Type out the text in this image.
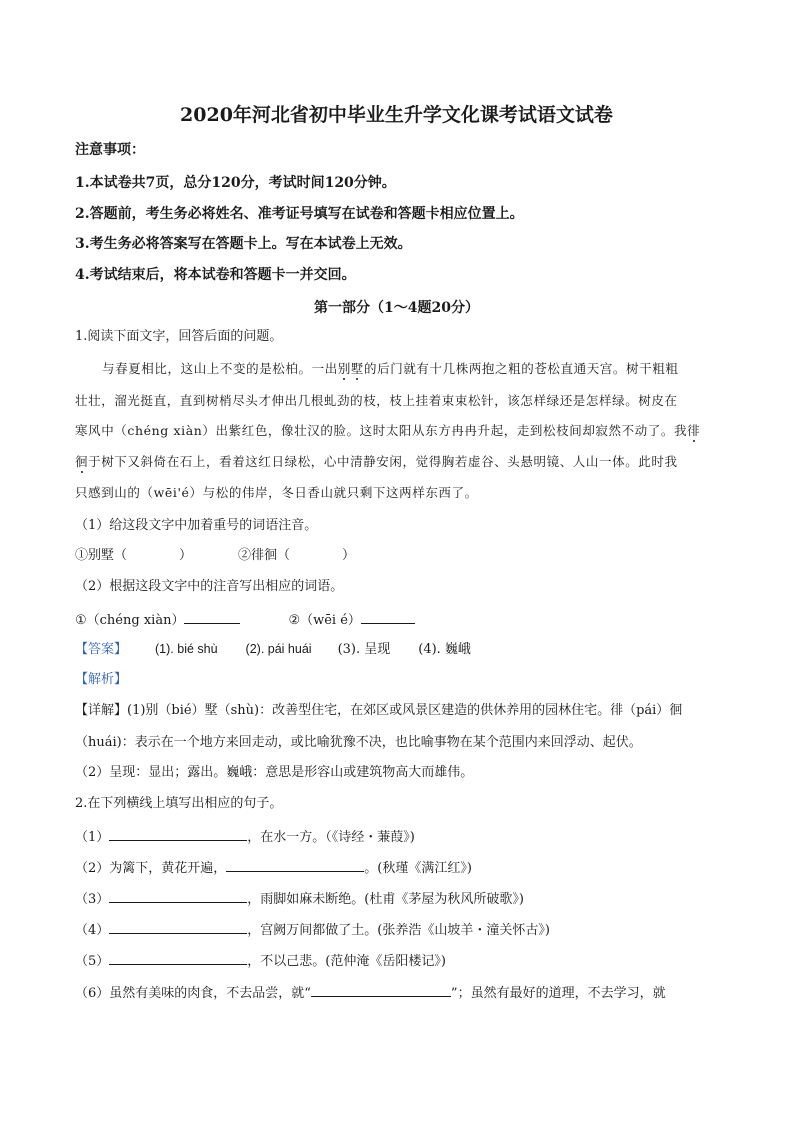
2020年河北省初中毕业生升学文化课考试语文试卷
注意事项：
1.本试卷共7页，总分120分，考试时间120分钟。
2.答题前，考生务必将姓名、准考证号填写在试卷和答题卡相应位置上。
3.考生务必将答案写在答题卡上。写在本试卷上无效。
4.考试结束后，将本试卷和答题卡一并交回。
第一部分（1～4题20分）
1.阅读下面文字，回答后面的问题。
与春夏相比，这山上不变的是松柏。一出别墅的后门就有十几株两抱之粗的苍松直通天宫。树干粗粗
壮壮，溜光挺直，直到树梢尽头才伸出几根虬劲的枝，枝上挂着束束松针，该怎样绿还是怎样绿。树皮在
寒风中（chéng xiàn）出紫红色，像壮汉的脸。这时太阳从东方冉冉升起，走到松枝间却寂然不动了。我徘
徊于树下又斜倚在石上，看着这红日绿松，心中清静安闲，觉得胸若虚谷、头悬明镜、人山一体。此时我
只感到山的（wēi'é）与松的伟岸，冬日香山就只剩下这两样东西了。
（1）给这段文字中加着重号的词语注音。
①别墅（	）	②徘徊（	）
（2）根据这段文字中的注音写出相应的词语。
①（chéng xiàn）	②（wēi é）
【答案】 (1). bié shù (2). pái huái (3). 呈现 (4). 巍峨
【解析】
【详解】(1)别（bié）墅（shù)：改善型住宅，在郊区或风景区建造的供休养用的园林住宅。徘（pái）徊
（huái)：表示在一个地方来回走动，或比喻犹豫不决，也比喻事物在某个范围内来回浮动、起伏。
（2）呈现：显出；露出。巍峨：意思是形容山或建筑物高大而雄伟。
2.在下列横线上填写出相应的句子。
（1）	，在水一方。（《诗经・蒹葭》)
（2）为篱下，黄花开遍，	。(秋瑾《满江红》)
（3）	，雨脚如麻未断绝。(杜甫《茅屋为秋风所破歌》)
（4）	，宫阙万间都做了土。(张养浩《山坡羊・潼关怀古》)
（5）	，不以己悲。(范仲淹《岳阳楼记》)
（6）虽然有美味的肉食，不去品尝，就“	”；虽然有最好的道理，不去学习，就
